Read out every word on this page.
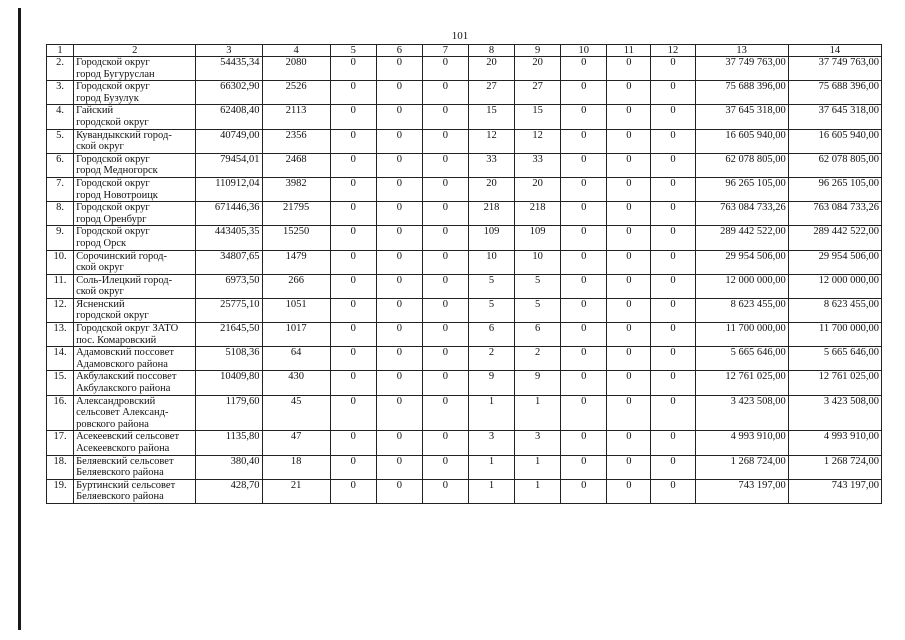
101
1	2	3	4	5	6	7	8	9	10	11	12	13	14
2.	Городской округ
город Бугуруслан	54435,34	2080	0	0	0	20	20	0	0	0	37 749 763,00	37 749 763,00
3.	Городской округ
город Бузулук	66302,90	2526	0	0	0	27	27	0	0	0	75 688 396,00	75 688 396,00
4.	Гайский
городской округ	62408,40	2113	0	0	0	15	15	0	0	0	37 645 318,00	37 645 318,00
5.	Кувандыкский город-
ской округ	40749,00	2356	0	0	0	12	12	0	0	0	16 605 940,00	16 605 940,00
6.	Городской округ
город Медногорск	79454,01	2468	0	0	0	33	33	0	0	0	62 078 805,00	62 078 805,00
7.	Городской округ
город Новотроицк	110912,04	3982	0	0	0	20	20	0	0	0	96 265 105,00	96 265 105,00
8.	Городской округ
город Оренбург	671446,36	21795	0	0	0	218	218	0	0	0	763 084 733,26	763 084 733,26
9.	Городской округ
город Орск	443405,35	15250	0	0	0	109	109	0	0	0	289 442 522,00	289 442 522,00
10.	Сорочинский город-
ской округ	34807,65	1479	0	0	0	10	10	0	0	0	29 954 506,00	29 954 506,00
11.	Соль-Илецкий город-
ской округ	6973,50	266	0	0	0	5	5	0	0	0	12 000 000,00	12 000 000,00
12.	Ясненский
городской округ	25775,10	1051	0	0	0	5	5	0	0	0	8 623 455,00	8 623 455,00
13.	Городской округ ЗАТО
пос. Комаровский	21645,50	1017	0	0	0	6	6	0	0	0	11 700 000,00	11 700 000,00
14.	Адамовский поссовет
Адамовского района	5108,36	64	0	0	0	2	2	0	0	0	5 665 646,00	5 665 646,00
15.	Акбулакский поссовет
Акбулакского района	10409,80	430	0	0	0	9	9	0	0	0	12 761 025,00	12 761 025,00
16.	Александровский
сельсовет Александ-
ровского района	1179,60	45	0	0	0	1	1	0	0	0	3 423 508,00	3 423 508,00
17.	Асекеевский сельсовет
Асекеевского района	1135,80	47	0	0	0	3	3	0	0	0	4 993 910,00	4 993 910,00
18.	Беляевский сельсовет
Беляевского района	380,40	18	0	0	0	1	1	0	0	0	1 268 724,00	1 268 724,00
19.	Буртинский сельсовет
Беляевского района	428,70	21	0	0	0	1	1	0	0	0	743 197,00	743 197,00
